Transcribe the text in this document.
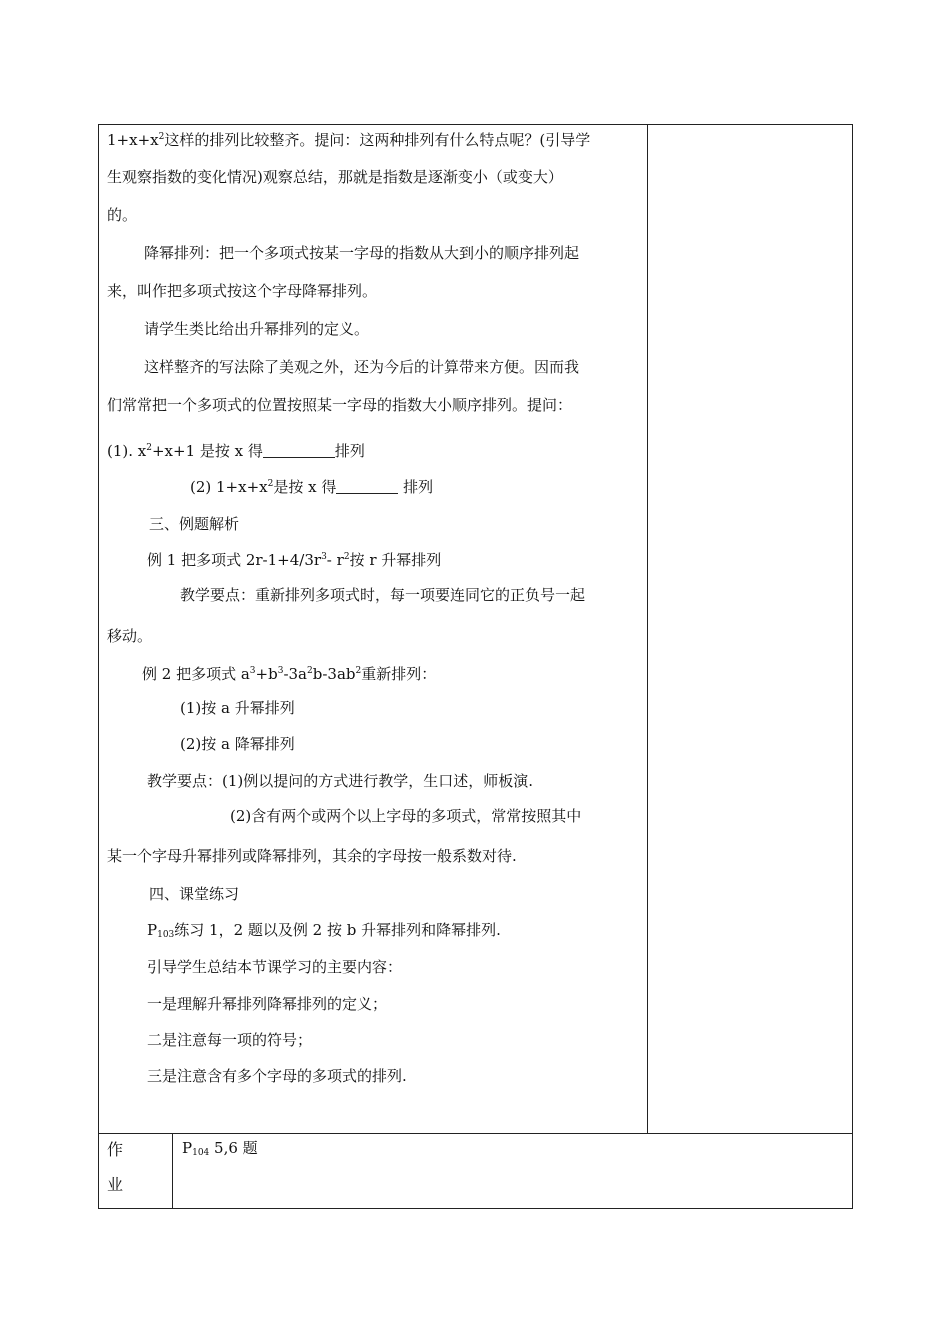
$1+x+x^2$这样的排列比较整齐。提问：这两种排列有什么特点呢？(引导学
生观察指数的变化情况)观察总结，那就是指数是逐渐变小（或变大）
的。
降幂排列：把一个多项式按某一字母的指数从大到小的顺序排列起
来，叫作把多项式按这个字母降幂排列。
请学生类比给出升幂排列的定义。
这样整齐的写法除了美观之外，还为今后的计算带来方便。因而我
们常常把一个多项式的位置按照某一字母的指数大小顺序排列。提问：
(1). $x^2+x+1$ 是按 x 得	排列
(2) $1+x+x^2$是按 x 得	排列
三、例题解析
例 1 把多项式 $2r-1+4/3r^3-$ $r^2$按 r 升幂排列
教学要点：重新排列多项式时，每一项要连同它的正负号一起
移动。
例 2 把多项式 $a^3+b^3-3a^2b-3ab^2$重新排列：
(1)按 a 升幂排列
(2)按 a 降幂排列
教学要点：(1)例以提问的方式进行教学，生口述，师板演.
(2)含有两个或两个以上字母的多项式，常常按照其中
某一个字母升幂排列或降幂排列，其余的字母按一般系数对待.
四、课堂练习
$P_{103}$练习 1，2 题以及例 2 按 b 升幂排列和降幂排列.
引导学生总结本节课学习的主要内容：
一是理解升幂排列降幂排列的定义；
二是注意每一项的符号；
三是注意含有多个字母的多项式的排列.
作
业
$P_{104}$ 5,6 题
